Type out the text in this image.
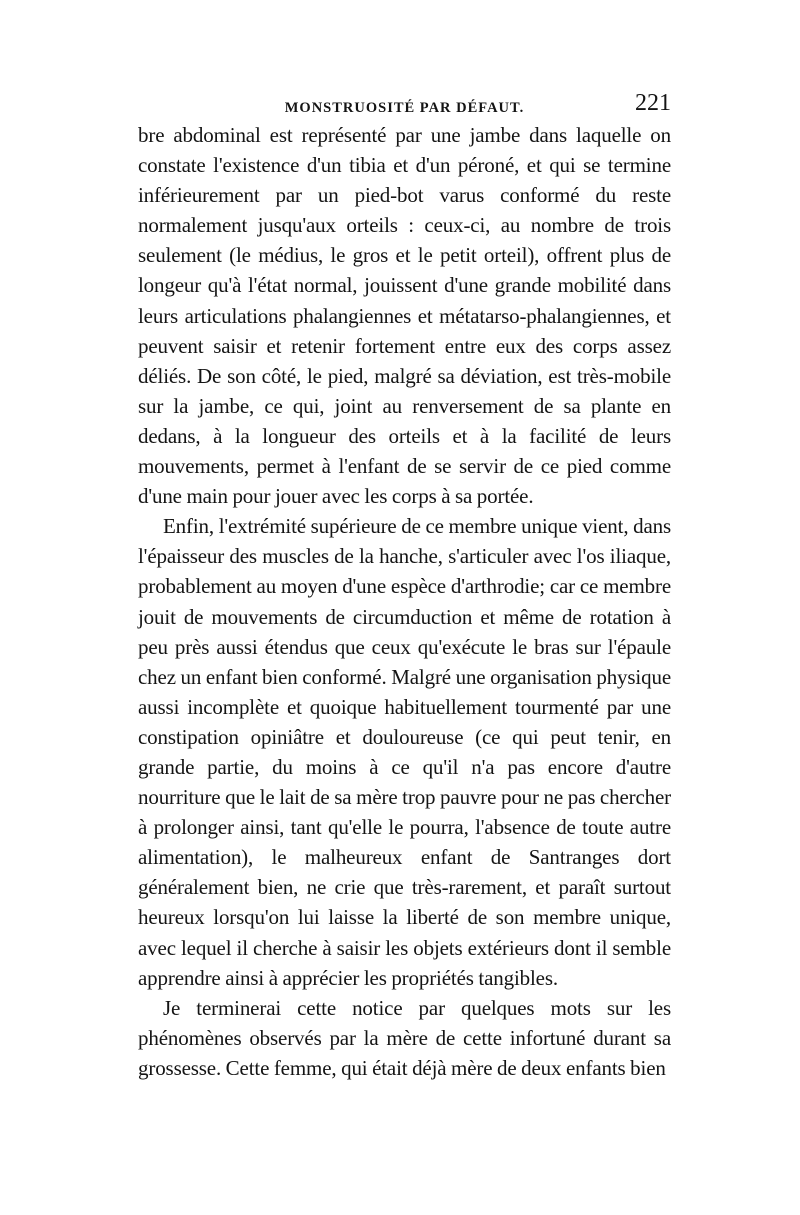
MONSTRUOSITÉ PAR DÉFAUT.	221

bre abdominal est représenté par une jambe dans laquelle on constate l'existence d'un tibia et d'un péroné, et qui se termine inférieurement par un pied-bot varus conformé du reste normalement jusqu'aux orteils : ceux-ci, au nombre de trois seulement (le médius, le gros et le petit orteil), offrent plus de longeur qu'à l'état normal, jouissent d'une grande mobilité dans leurs articulations phalangiennes et métatarso-phalangiennes, et peuvent saisir et retenir fortement entre eux des corps assez déliés. De son côté, le pied, malgré sa déviation, est très-mobile sur la jambe, ce qui, joint au renversement de sa plante en dedans, à la longueur des orteils et à la facilité de leurs mouvements, permet à l'enfant de se servir de ce pied comme d'une main pour jouer avec les corps à sa portée.

Enfin, l'extrémité supérieure de ce membre unique vient, dans l'épaisseur des muscles de la hanche, s'articuler avec l'os iliaque, probablement au moyen d'une espèce d'arthrodie; car ce membre jouit de mouvements de circumduction et même de rotation à peu près aussi étendus que ceux qu'exécute le bras sur l'épaule chez un enfant bien conformé. Malgré une organisation physique aussi incomplète et quoique habituellement tourmenté par une constipation opiniâtre et douloureuse (ce qui peut tenir, en grande partie, du moins à ce qu'il n'a pas encore d'autre nourriture que le lait de sa mère trop pauvre pour ne pas chercher à prolonger ainsi, tant qu'elle le pourra, l'absence de toute autre alimentation), le malheureux enfant de Santranges dort généralement bien, ne crie que très-rarement, et paraît surtout heureux lorsqu'on lui laisse la liberté de son membre unique, avec lequel il cherche à saisir les objets extérieurs dont il semble apprendre ainsi à apprécier les propriétés tangibles.

Je terminerai cette notice par quelques mots sur les phénomènes observés par la mère de cette infortuné durant sa grossesse. Cette femme, qui était déjà mère de deux enfants bien
